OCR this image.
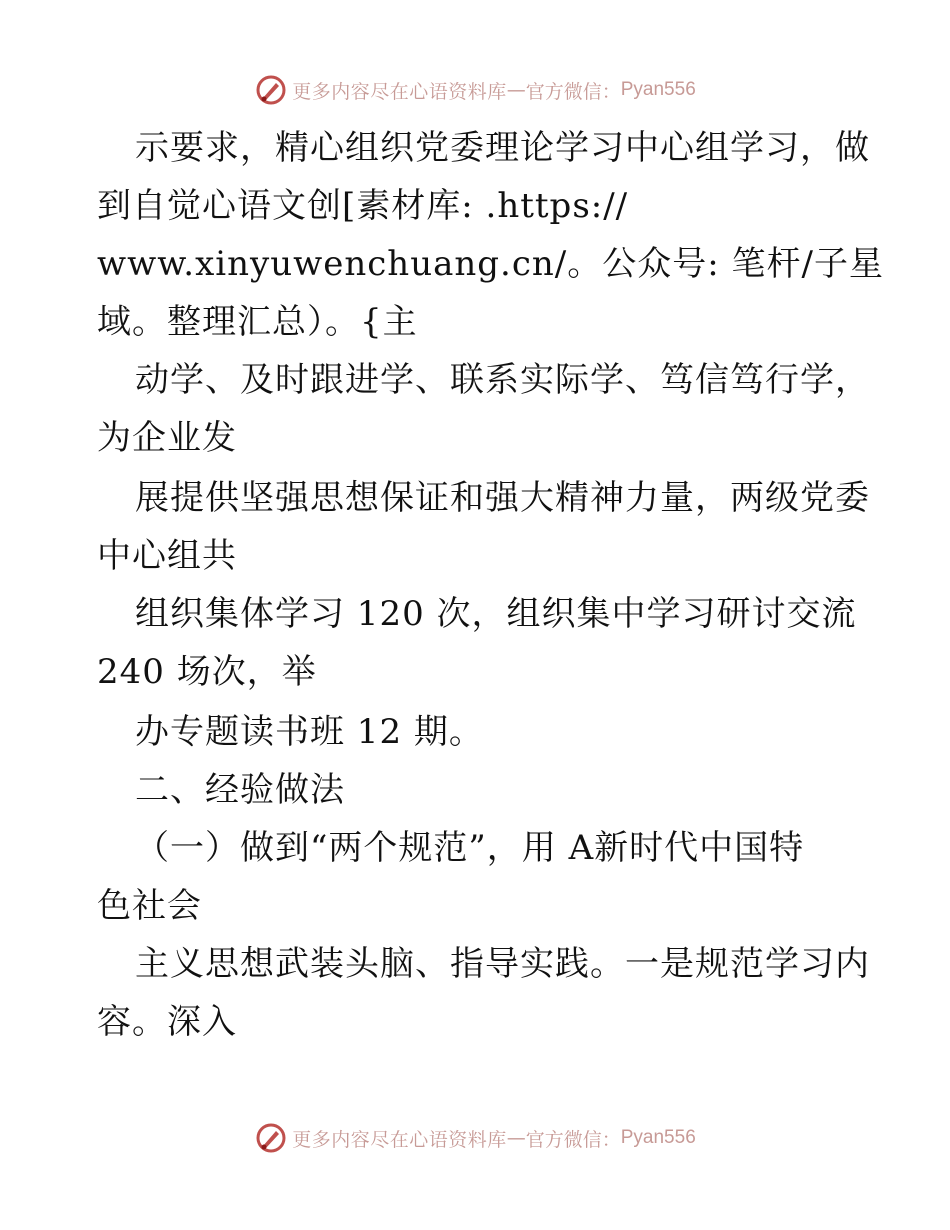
更多内容尽在心语资料库 — 官方微信： Pyan556
示要求，精心组织党委理论学习中心组学习，做
到自觉心语文创[素材库: .https://
www.xinyuwenchuang.cn/。公众号: 笔杆/子星
域。整理汇总）。{主
动学、及时跟进学、联系实际学、笃信笃行学，
为企业发
展提供坚强思想保证和强大精神力量，两级党委
中心组共
组织集体学习 120 次，组织集中学习研讨交流
240 场次，举
办专题读书班 12 期。
二、经验做法
（一）做到“两个规范”，用 A新时代中国特
色社会
主义思想武装头脑、指导实践。一是规范学习内
容。深入
更多内容尽在心语资料库 — 官方微信： Pyan556
